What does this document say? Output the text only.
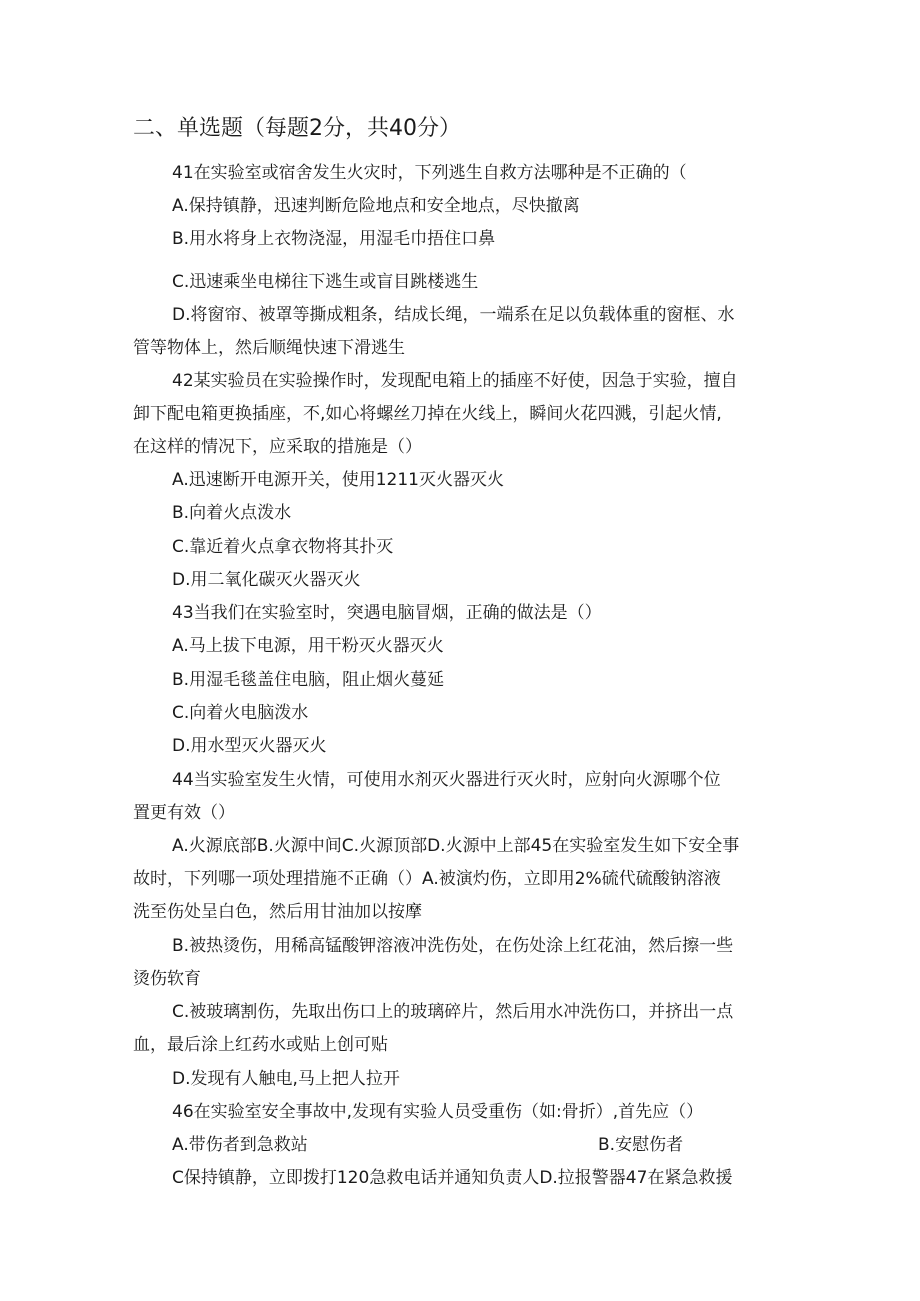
二、单选题（每题2分，共40分）
41在实验室或宿舍发生火灾时，下列逃生自救方法哪种是不正确的（
A.保持镇静，迅速判断危险地点和安全地点，尽快撤离
B.用水将身上衣物浇湿，用湿毛巾捂住口鼻
C.迅速乘坐电梯往下逃生或盲目跳楼逃生
D.将窗帘、被罩等撕成粗条，结成长绳，一端系在足以负载体重的窗框、水
管等物体上，然后顺绳快速下滑逃生
42某实验员在实验操作时，发现配电箱上的插座不好使，因急于实验，擅自
卸下配电箱更换插座，不,如心将螺丝刀掉在火线上，瞬间火花四溅，引起火情,
在这样的情况下，应采取的措施是（）
A.迅速断开电源开关，使用1211灭火器灭火
B.向着火点泼水
C.靠近着火点拿衣物将其扑灭
D.用二氧化碳灭火器灭火
43当我们在实验室时，突遇电脑冒烟，正确的做法是（）
A.马上拔下电源，用干粉灭火器灭火
B.用湿毛毯盖住电脑，阻止烟火蔓延
C.向着火电脑泼水
D.用水型灭火器灭火
44当实验室发生火情，可使用水剂灭火器进行灭火时，应射向火源哪个位
置更有效（）
A.火源底部B.火源中间C.火源顶部D.火源中上部45在实验室发生如下安全事
故时，下列哪一项处理措施不正确（）A.被演灼伤，立即用2%硫代硫酸钠溶液
洗至伤处呈白色，然后用甘油加以按摩
B.被热烫伤，用稀高锰酸钾溶液冲洗伤处，在伤处涂上红花油，然后擦一些
烫伤软育
C.被玻璃割伤，先取出伤口上的玻璃碎片，然后用水冲洗伤口，并挤出一点
血，最后涂上红药水或贴上创可贴
D.发现有人触电,马上把人拉开
46在实验室安全事故中,发现有实验人员受重伤（如:骨折）,首先应（）
A.带伤者到急救站	B.安慰伤者
C保持镇静，立即拨打120急救电话并通知负责人D.拉报警器47在紧急救援
